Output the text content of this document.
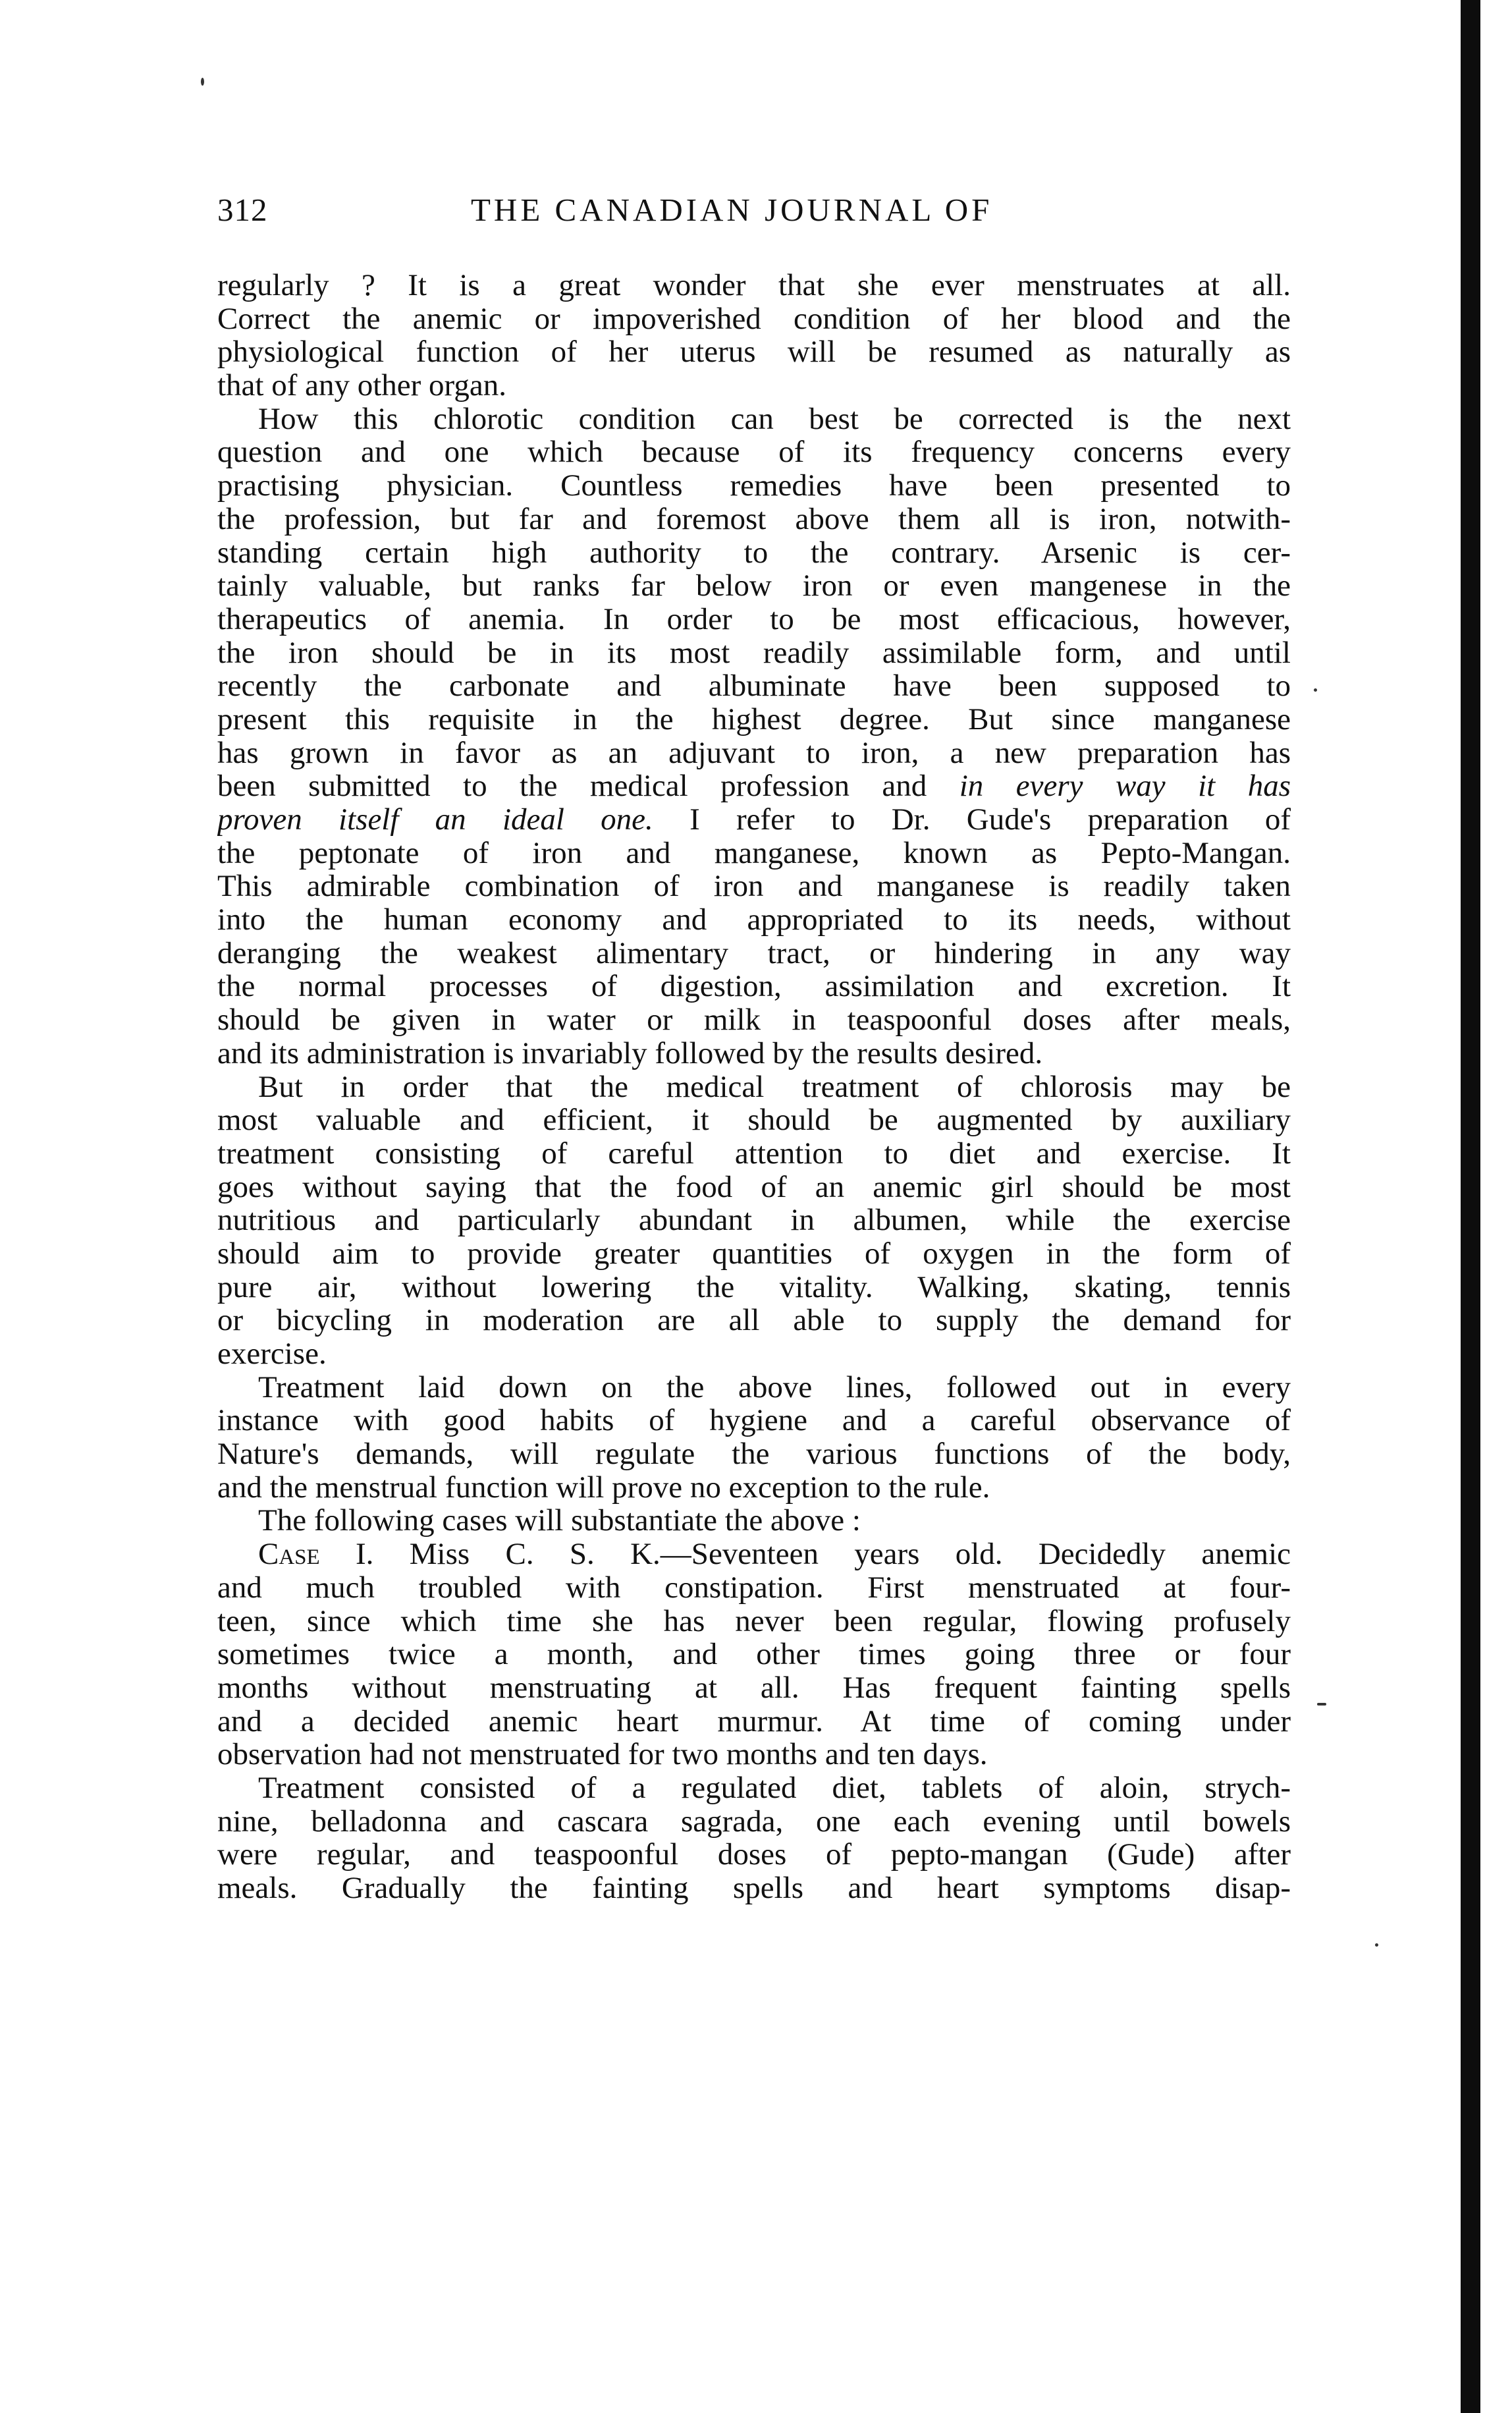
312	THE CANADIAN JOURNAL OF
regularly ? It is a great wonder that she ever menstruates at all.
Correct the anemic or impoverished condition of her blood and the
physiological function of her uterus will be resumed as naturally as
that of any other organ.
How this chlorotic condition can best be corrected is the next
question and one which because of its frequency concerns every
practising physician. Countless remedies have been presented to
the profession, but far and foremost above them all is iron, notwith-
standing certain high authority to the contrary. Arsenic is cer-
tainly valuable, but ranks far below iron or even mangenese in the
therapeutics of anemia. In order to be most efficacious, however,
the iron should be in its most readily assimilable form, and until
recently the carbonate and albuminate have been supposed to
present this requisite in the highest degree. But since manganese
has grown in favor as an adjuvant to iron, a new preparation has
been submitted to the medical profession and in every way it has
proven itself an ideal one. I refer to Dr. Gude's preparation of
the peptonate of iron and manganese, known as Pepto-Mangan.
This admirable combination of iron and manganese is readily taken
into the human economy and appropriated to its needs, without
deranging the weakest alimentary tract, or hindering in any way
the normal processes of digestion, assimilation and excretion. It
should be given in water or milk in teaspoonful doses after meals,
and its administration is invariably followed by the results desired.
But in order that the medical treatment of chlorosis may be
most valuable and efficient, it should be augmented by auxiliary
treatment consisting of careful attention to diet and exercise. It
goes without saying that the food of an anemic girl should be most
nutritious and particularly abundant in albumen, while the exercise
should aim to provide greater quantities of oxygen in the form of
pure air, without lowering the vitality. Walking, skating, tennis
or bicycling in moderation are all able to supply the demand for
exercise.
Treatment laid down on the above lines, followed out in every
instance with good habits of hygiene and a careful observance of
Nature's demands, will regulate the various functions of the body,
and the menstrual function will prove no exception to the rule.
The following cases will substantiate the above :
Case I. Miss C. S. K.—Seventeen years old. Decidedly anemic
and much troubled with constipation. First menstruated at four-
teen, since which time she has never been regular, flowing profusely
sometimes twice a month, and other times going three or four
months without menstruating at all. Has frequent fainting spells
and a decided anemic heart murmur. At time of coming under
observation had not menstruated for two months and ten days.
Treatment consisted of a regulated diet, tablets of aloin, strych-
nine, belladonna and cascara sagrada, one each evening until bowels
were regular, and teaspoonful doses of pepto-mangan (Gude) after
meals. Gradually the fainting spells and heart symptoms disap-
